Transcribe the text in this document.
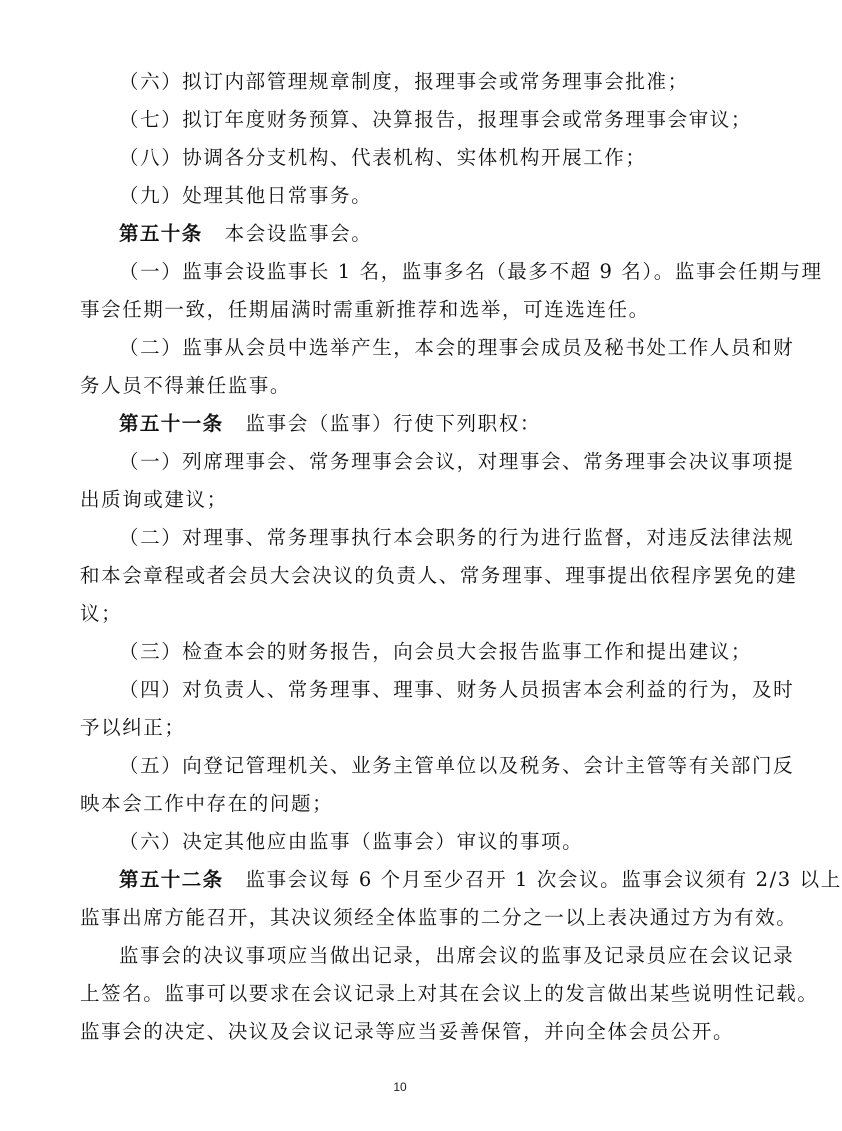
（六）拟订内部管理规章制度，报理事会或常务理事会批准；
（七）拟订年度财务预算、决算报告，报理事会或常务理事会审议；
（八）协调各分支机构、代表机构、实体机构开展工作；
（九）处理其他日常事务。
第五十条 本会设监事会。
（一）监事会设监事长 1 名，监事多名（最多不超 9 名）。监事会任期与理
事会任期一致，任期届满时需重新推荐和选举，可连选连任。
（二）监事从会员中选举产生，本会的理事会成员及秘书处工作人员和财
务人员不得兼任监事。
第五十一条 监事会（监事）行使下列职权：
（一）列席理事会、常务理事会会议，对理事会、常务理事会决议事项提
出质询或建议；
（二）对理事、常务理事执行本会职务的行为进行监督，对违反法律法规
和本会章程或者会员大会决议的负责人、常务理事、理事提出依程序罢免的建
议；
（三）检查本会的财务报告，向会员大会报告监事工作和提出建议；
（四）对负责人、常务理事、理事、财务人员损害本会利益的行为，及时
予以纠正；
（五）向登记管理机关、业务主管单位以及税务、会计主管等有关部门反
映本会工作中存在的问题；
（六）决定其他应由监事（监事会）审议的事项。
第五十二条 监事会议每 6 个月至少召开 1 次会议。监事会议须有 2/3 以上
监事出席方能召开，其决议须经全体监事的二分之一以上表决通过方为有效。
监事会的决议事项应当做出记录，出席会议的监事及记录员应在会议记录
上签名。监事可以要求在会议记录上对其在会议上的发言做出某些说明性记载。
监事会的决定、决议及会议记录等应当妥善保管，并向全体会员公开。
10
